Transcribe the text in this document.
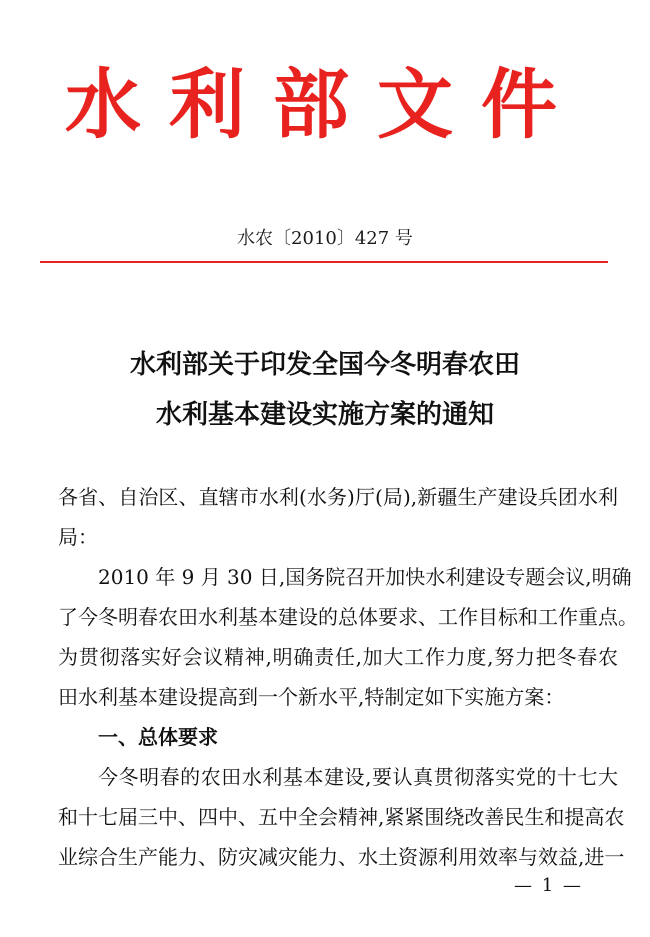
水利部文件
水农〔2010〕427 号
水利部关于印发全国今冬明春农田
水利基本建设实施方案的通知
各省、自治区、直辖市水利(水务)厅(局),新疆生产建设兵团水利
局：
2010 年 9 月 30 日,国务院召开加快水利建设专题会议,明确
了今冬明春农田水利基本建设的总体要求、工作目标和工作重点。
为贯彻落实好会议精神,明确责任,加大工作力度,努力把冬春农
田水利基本建设提高到一个新水平,特制定如下实施方案：
一、总体要求
今冬明春的农田水利基本建设,要认真贯彻落实党的十七大
和十七届三中、四中、五中全会精神,紧紧围绕改善民生和提高农
业综合生产能力、防灾减灾能力、水土资源利用效率与效益,进一
— 1 —
